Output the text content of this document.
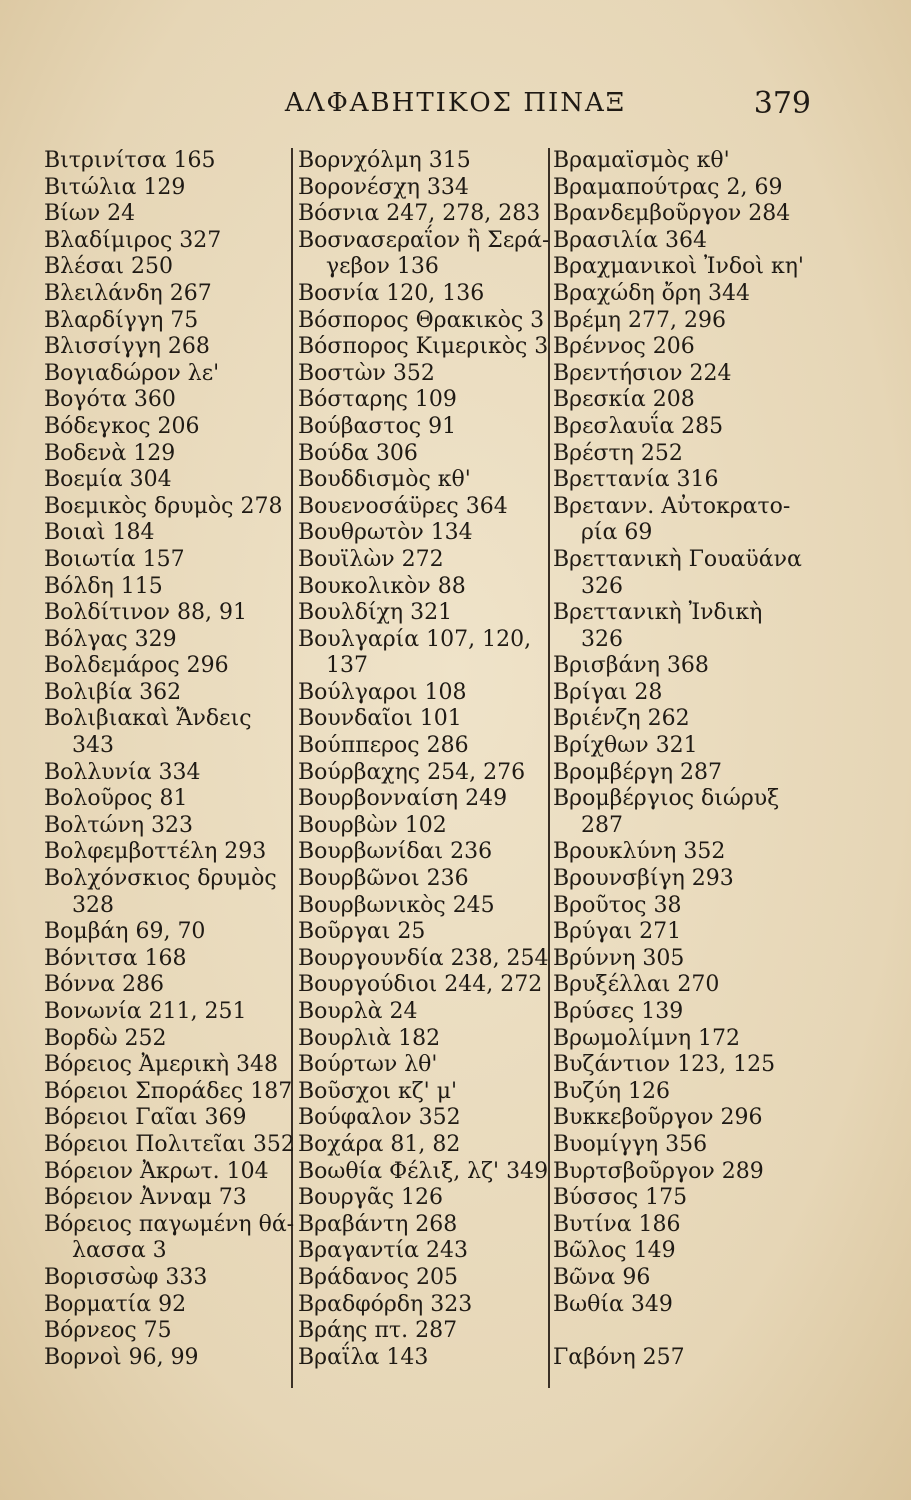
ΑΛΦΑΒΗΤΙΚΟΣ ΠΙΝΑΞ	379
Βιτρινίτσα 165
Βιτώλια 129
Βίων 24
Βλαδίμιρος 327
Βλέσαι 250
Βλειλάνδη 267
Βλαρδίγγη 75
Βλισσίγγη 268
Βογιαδώρον λε'
Βογότα 360
Βόδεγκος 206
Βοδενὰ 129
Βοεμία 304
Βοεμικὸς δρυμὸς 278
Βοιαὶ 184
Βοιωτία 157
Βόλδη 115
Βολδίτινον 88, 91
Βόλγας 329
Βολδεμάρος 296
Βολιβία 362
Βολιβιακαὶ Ἄνδεις
343
Βολλυνία 334
Βολοῦρος 81
Βολτώνη 323
Βολφεμβοττέλη 293
Βολχόνσκιος δρυμὸς
328
Βομβάη 69, 70
Βόνιτσα 168
Βόννα 286
Βονωνία 211, 251
Βορδὼ 252
Βόρειος Ἀμερικὴ 348
Βόρειοι Σποράδες 187
Βόρειοι Γαῖαι 369
Βόρειοι Πολιτεῖαι 352
Βόρειον Ἀκρωτ. 104
Βόρειον Ἀνναμ 73
Βόρειος παγωμένη θά-
λασσα 3
Βορισσὼφ 333
Βορματία 92
Βόρνεος 75
Βορνοὶ 96, 99
Βορνχόλμη 315
Βορονέσχη 334
Βόσνια 247, 278, 283
Βοσνασεραΐον ἢ Σερά-
γεβον 136
Βοσνία 120, 136
Βόσπορος Θρακικὸς 3
Βόσπορος Κιμερικὸς 3
Βοστὼν 352
Βόσταρης 109
Βούβαστος 91
Βούδα 306
Βουδδισμὸς κθ'
Βουενοσάϋρες 364
Βουθρωτὸν 134
Βουϊλὼν 272
Βουκολικὸν 88
Βουλδίχη 321
Βουλγαρία 107, 120,
137
Βούλγαροι 108
Βουνδαῖοι 101
Βούππερος 286
Βούρβαχης 254, 276
Βουρβονναίση 249
Βουρβὼν 102
Βουρβωνίδαι 236
Βουρβῶνοι 236
Βουρβωνικὸς 245
Βοῦργαι 25
Βουργουνδία 238, 254
Βουργούδιοι 244, 272
Βουρλὰ 24
Βουρλιὰ 182
Βούρτων λθ'
Βοῦσχοι κζ' μ'
Βούφαλον 352
Βοχάρα 81, 82
Βοωθία Φέλιξ, λζ' 349
Βουργᾶς 126
Βραβάντη 268
Βραγαντία 243
Βράδανος 205
Βραδφόρδη 323
Βράης πτ. 287
Βραΐλα 143
Βραμαϊσμὸς κθ'
Βραμαπούτρας 2, 69
Βρανδεμβοῦργον 284
Βρασιλία 364
Βραχμανικοὶ Ἰνδοὶ κη'
Βραχώδη ὄρη 344
Βρέμη 277, 296
Βρέννος 206
Βρεντήσιον 224
Βρεσκία 208
Βρεσλαυΐα 285
Βρέστη 252
Βρεττανία 316
Βρετανν. Αὐτοκρατο-
ρία 69
Βρεττανικὴ Γουαϋάνα
326
Βρεττανικὴ Ἰνδικὴ
326
Βρισβάνη 368
Βρίγαι 28
Βριένζη 262
Βρίχθων 321
Βρομβέργη 287
Βρομβέργιος διώρυξ
287
Βρουκλύνη 352
Βρουνσβίγη 293
Βροῦτος 38
Βρύγαι 271
Βρύννη 305
Βρυξέλλαι 270
Βρύσες 139
Βρωμολίμνη 172
Βυζάντιον 123, 125
Βυζύη 126
Βυκκεβοῦργον 296
Βυομίγγη 356
Βυρτσβοῦργον 289
Βύσσος 175
Βυτίνα 186
Βῶλος 149
Βῶνα 96
Βωθία 349
Γαβόνη 257
